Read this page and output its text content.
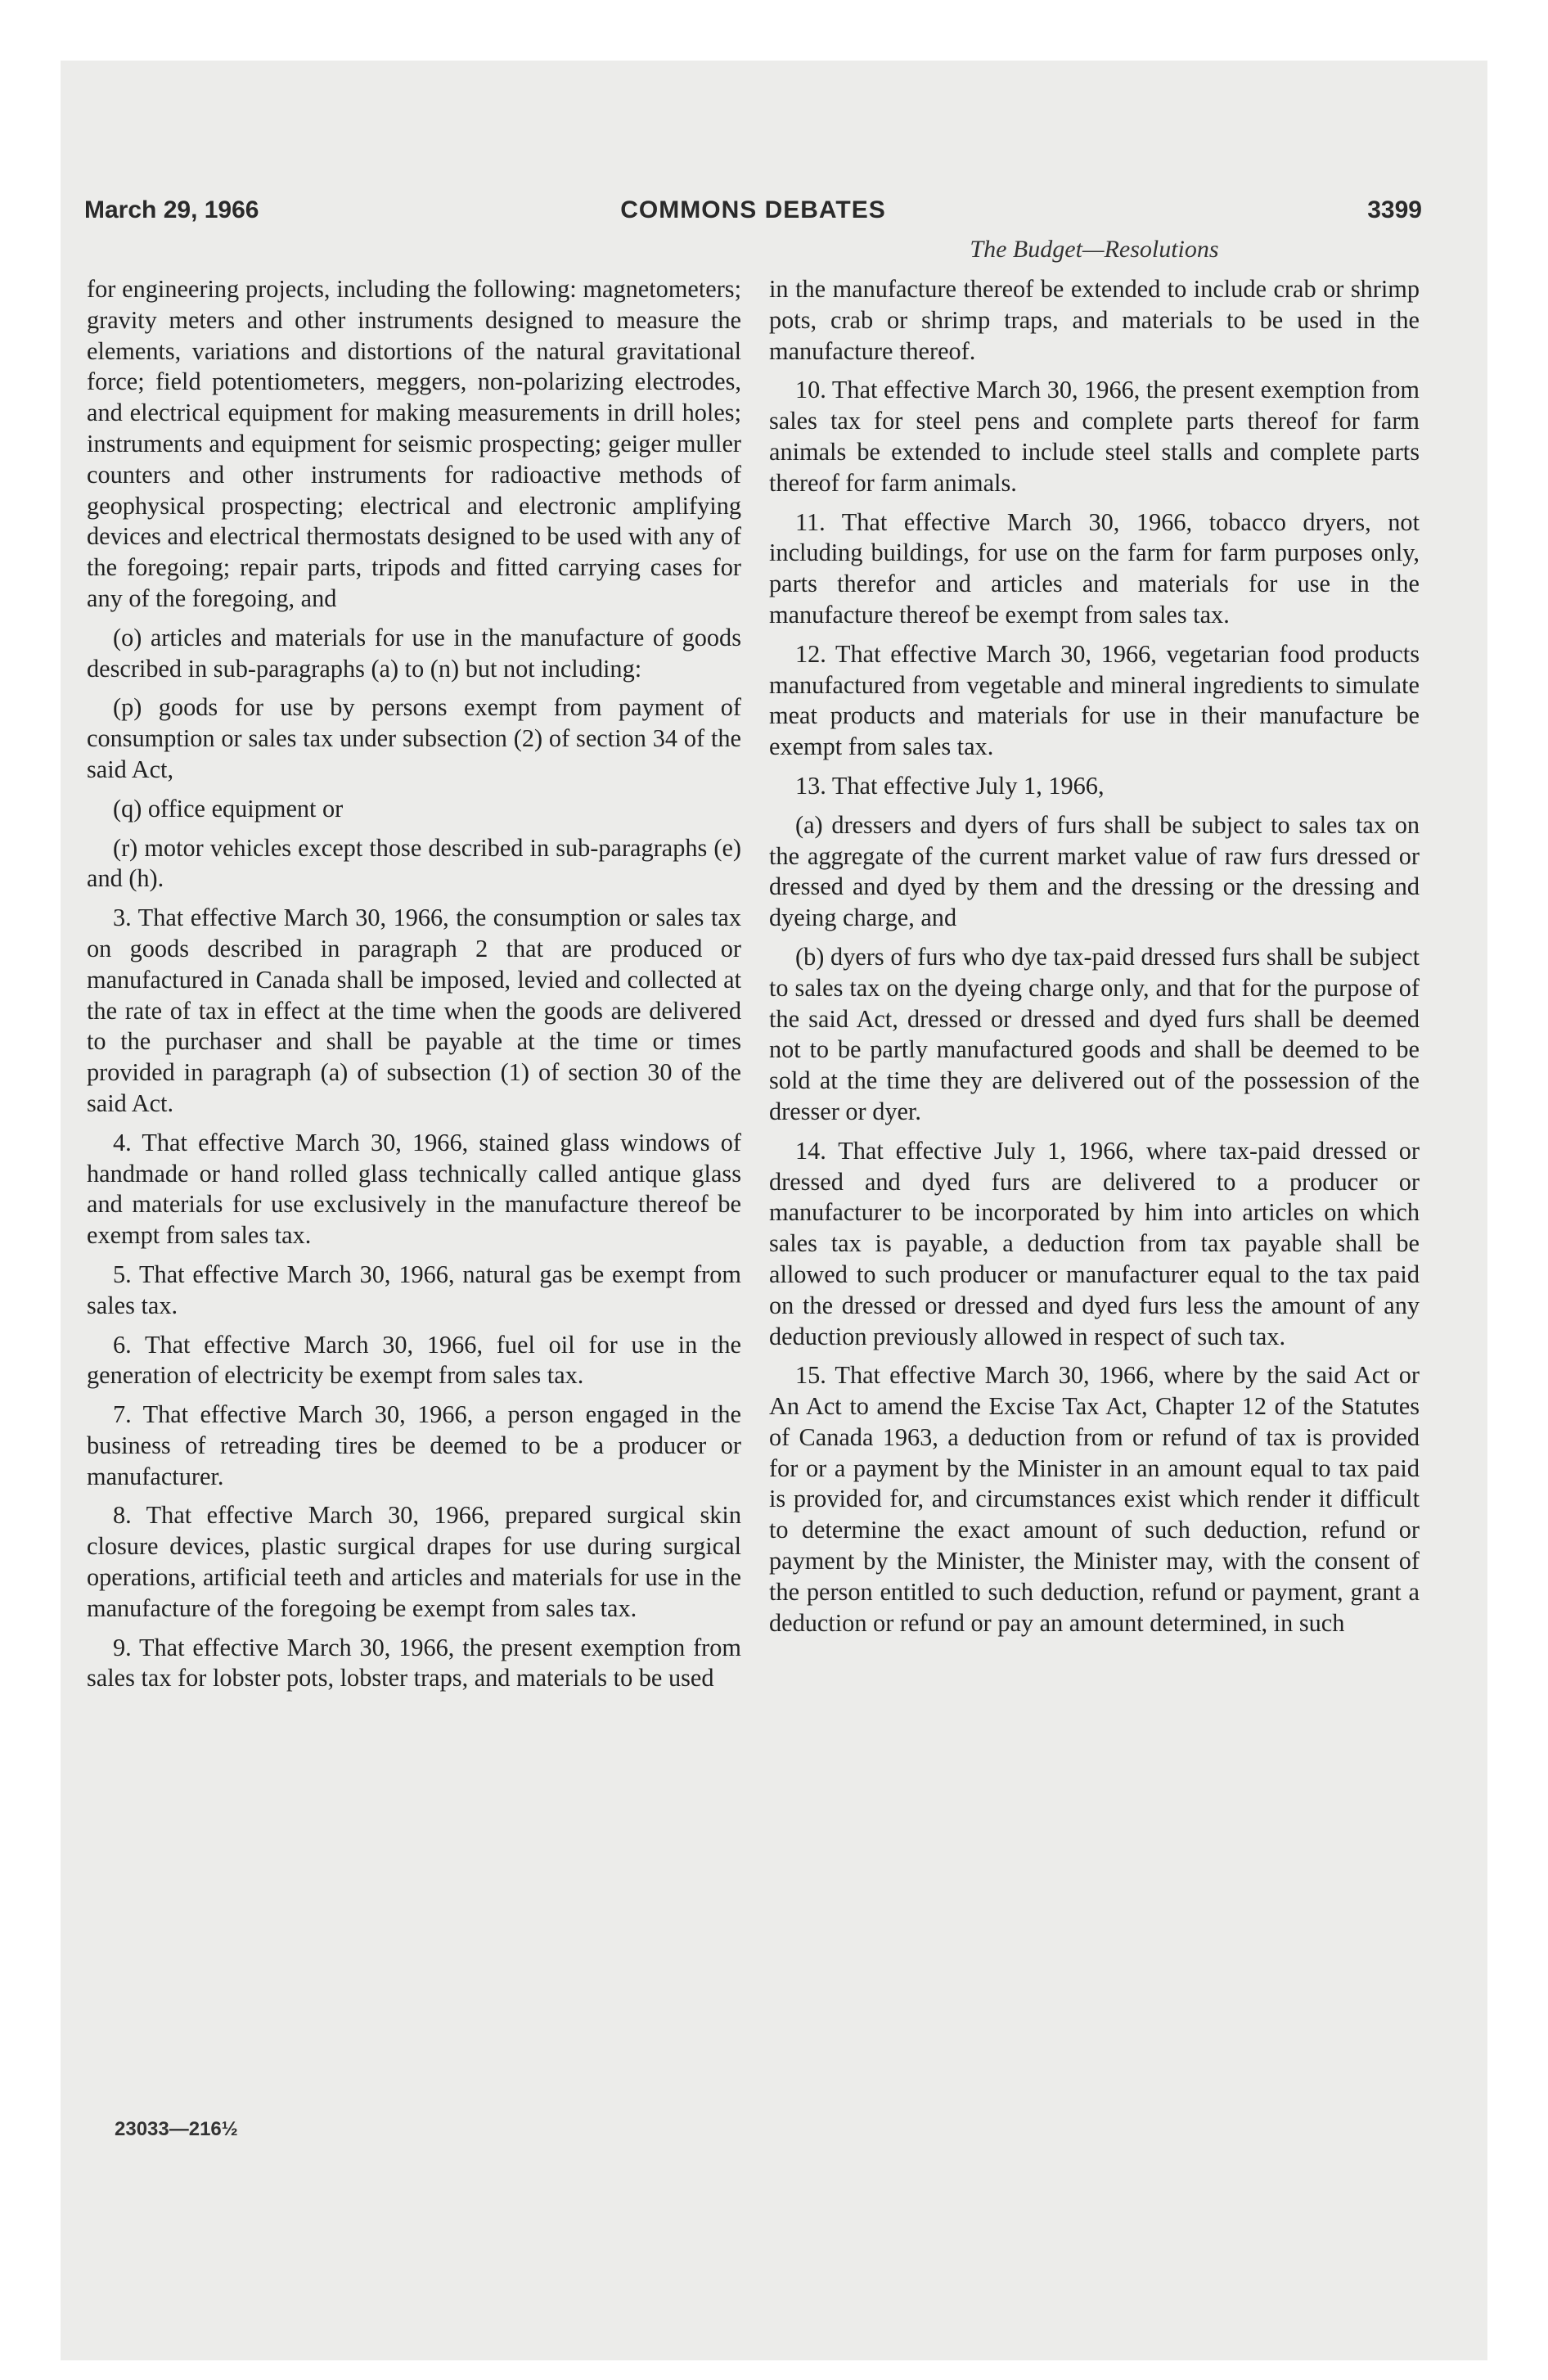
March 29, 1966	COMMONS DEBATES	3399
The Budget—Resolutions

for engineering projects, including the following: magnetometers; gravity meters and other instruments designed to measure the elements, variations and distortions of the natural gravitational force; field potentiometers, meggers, non-polarizing electrodes, and electrical equipment for making measurements in drill holes; instruments and equipment for seismic prospecting; geiger muller counters and other instruments for radioactive methods of geophysical prospecting; electrical and electronic amplifying devices and electrical thermostats designed to be used with any of the foregoing; repair parts, tripods and fitted carrying cases for any of the foregoing, and

(o) articles and materials for use in the manufacture of goods described in sub-paragraphs (a) to (n) but not including:

(p) goods for use by persons exempt from payment of consumption or sales tax under subsection (2) of section 34 of the said Act,

(q) office equipment or

(r) motor vehicles except those described in sub-paragraphs (e) and (h).

3. That effective March 30, 1966, the consumption or sales tax on goods described in paragraph 2 that are produced or manufactured in Canada shall be imposed, levied and collected at the rate of tax in effect at the time when the goods are delivered to the purchaser and shall be payable at the time or times provided in paragraph (a) of subsection (1) of section 30 of the said Act.

4. That effective March 30, 1966, stained glass windows of handmade or hand rolled glass technically called antique glass and materials for use exclusively in the manufacture thereof be exempt from sales tax.

5. That effective March 30, 1966, natural gas be exempt from sales tax.

6. That effective March 30, 1966, fuel oil for use in the generation of electricity be exempt from sales tax.

7. That effective March 30, 1966, a person engaged in the business of retreading tires be deemed to be a producer or manufacturer.

8. That effective March 30, 1966, prepared surgical skin closure devices, plastic surgical drapes for use during surgical operations, artificial teeth and articles and materials for use in the manufacture of the foregoing be exempt from sales tax.

9. That effective March 30, 1966, the present exemption from sales tax for lobster pots, lobster traps, and materials to be used

in the manufacture thereof be extended to include crab or shrimp pots, crab or shrimp traps, and materials to be used in the manufacture thereof.

10. That effective March 30, 1966, the present exemption from sales tax for steel pens and complete parts thereof for farm animals be extended to include steel stalls and complete parts thereof for farm animals.

11. That effective March 30, 1966, tobacco dryers, not including buildings, for use on the farm for farm purposes only, parts therefor and articles and materials for use in the manufacture thereof be exempt from sales tax.

12. That effective March 30, 1966, vegetarian food products manufactured from vegetable and mineral ingredients to simulate meat products and materials for use in their manufacture be exempt from sales tax.

13. That effective July 1, 1966,

(a) dressers and dyers of furs shall be subject to sales tax on the aggregate of the current market value of raw furs dressed or dressed and dyed by them and the dressing or the dressing and dyeing charge, and

(b) dyers of furs who dye tax-paid dressed furs shall be subject to sales tax on the dyeing charge only, and that for the purpose of the said Act, dressed or dressed and dyed furs shall be deemed not to be partly manufactured goods and shall be deemed to be sold at the time they are delivered out of the possession of the dresser or dyer.

14. That effective July 1, 1966, where tax-paid dressed or dressed and dyed furs are delivered to a producer or manufacturer to be incorporated by him into articles on which sales tax is payable, a deduction from tax payable shall be allowed to such producer or manufacturer equal to the tax paid on the dressed or dressed and dyed furs less the amount of any deduction previously allowed in respect of such tax.

15. That effective March 30, 1966, where by the said Act or An Act to amend the Excise Tax Act, Chapter 12 of the Statutes of Canada 1963, a deduction from or refund of tax is provided for or a payment by the Minister in an amount equal to tax paid is provided for, and circumstances exist which render it difficult to determine the exact amount of such deduction, refund or payment by the Minister, the Minister may, with the consent of the person entitled to such deduction, refund or payment, grant a deduction or refund or pay an amount determined, in such

23033—216½
